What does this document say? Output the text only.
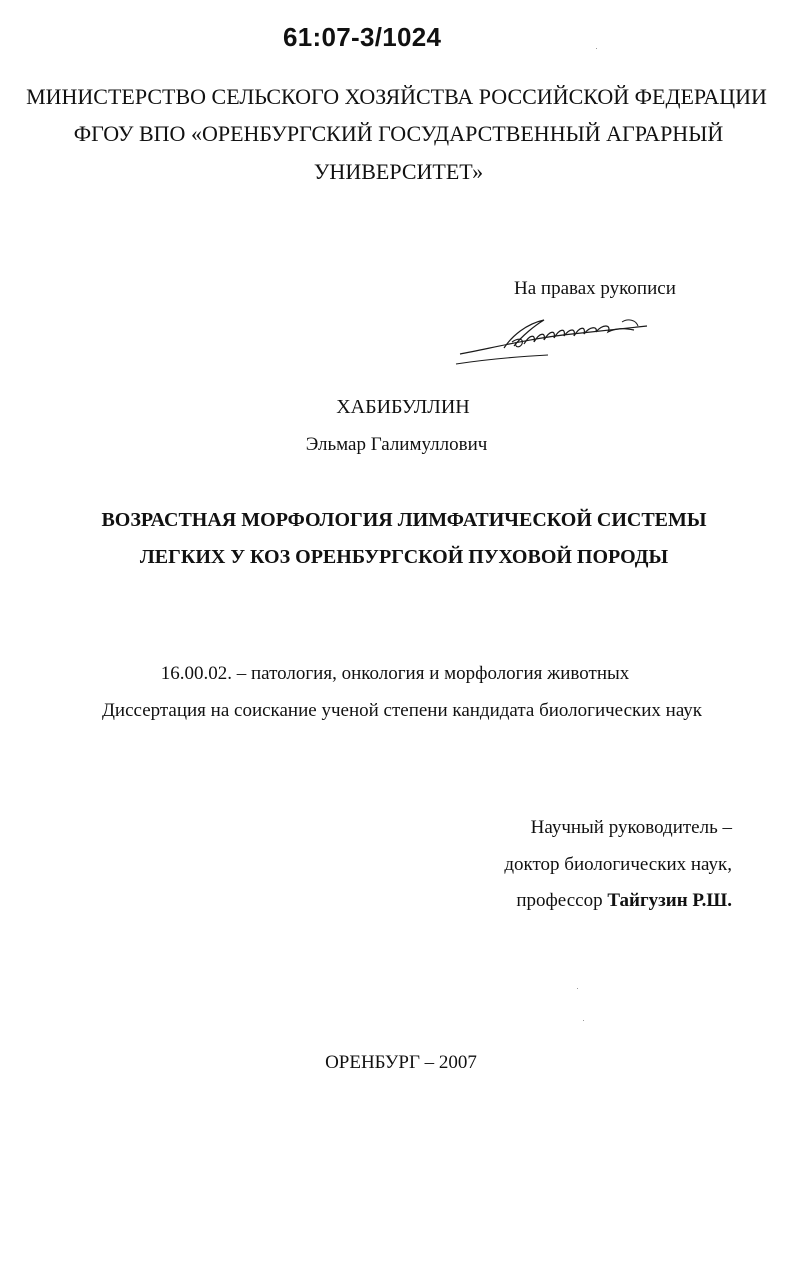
61:07-3/1024
МИНИСТЕРСТВО СЕЛЬСКОГО ХОЗЯЙСТВА РОССИЙСКОЙ ФЕДЕРАЦИИ
ФГОУ ВПО «ОРЕНБУРГСКИЙ ГОСУДАРСТВЕННЫЙ АГРАРНЫЙ
УНИВЕРСИТЕТ»
На правах рукописи
ХАБИБУЛЛИН
Эльмар Галимуллович
ВОЗРАСТНАЯ МОРФОЛОГИЯ ЛИМФАТИЧЕСКОЙ СИСТЕМЫ
ЛЕГКИХ У КОЗ ОРЕНБУРГСКОЙ ПУХОВОЙ ПОРОДЫ
16.00.02. – патология, онкология и морфология животных
Диссертация на соискание ученой степени кандидата биологических наук
Научный руководитель –
доктор биологических наук,
профессор Тайгузин Р.Ш.
ОРЕНБУРГ – 2007
